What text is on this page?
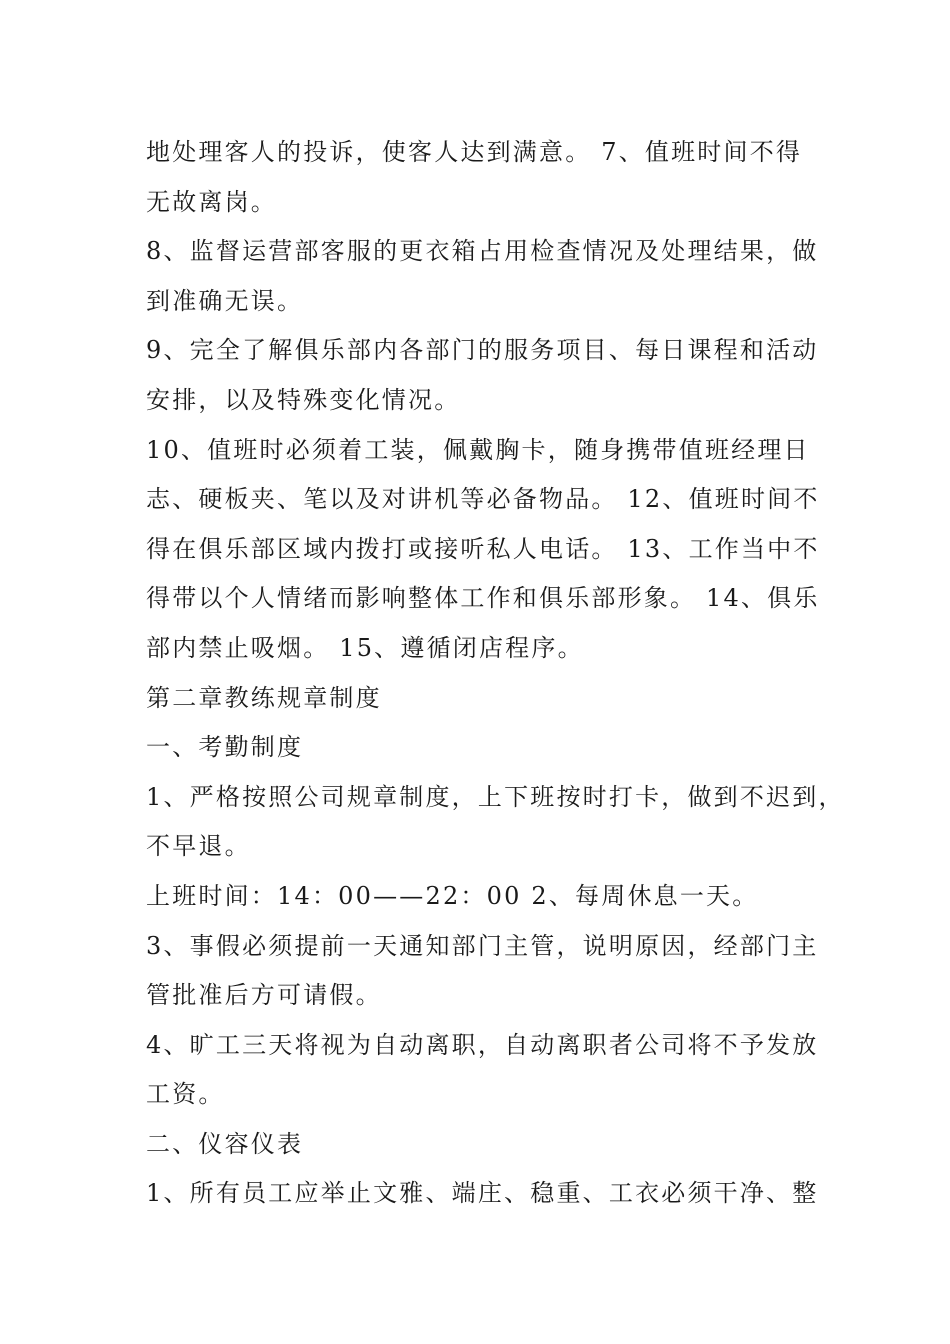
地处理客人的投诉，使客人达到满意。 7、值班时间不得
无故离岗。
8、监督运营部客服的更衣箱占用检查情况及处理结果，做
到准确无误。
9、完全了解俱乐部内各部门的服务项目、每日课程和活动
安排，以及特殊变化情况。
10、值班时必须着工装，佩戴胸卡，随身携带值班经理日
志、硬板夹、笔以及对讲机等必备物品。 12、值班时间不
得在俱乐部区域内拨打或接听私人电话。 13、工作当中不
得带以个人情绪而影响整体工作和俱乐部形象。 14、俱乐
部内禁止吸烟。 15、遵循闭店程序。
第二章教练规章制度
一、考勤制度
1、严格按照公司规章制度，上下班按时打卡，做到不迟到，
不早退。
上班时间：14：00——22：00 2、每周休息一天。
3、事假必须提前一天通知部门主管，说明原因，经部门主
管批准后方可请假。
4、旷工三天将视为自动离职，自动离职者公司将不予发放
工资。
二、仪容仪表
1、所有员工应举止文雅、端庄、稳重、工衣必须干净、整
